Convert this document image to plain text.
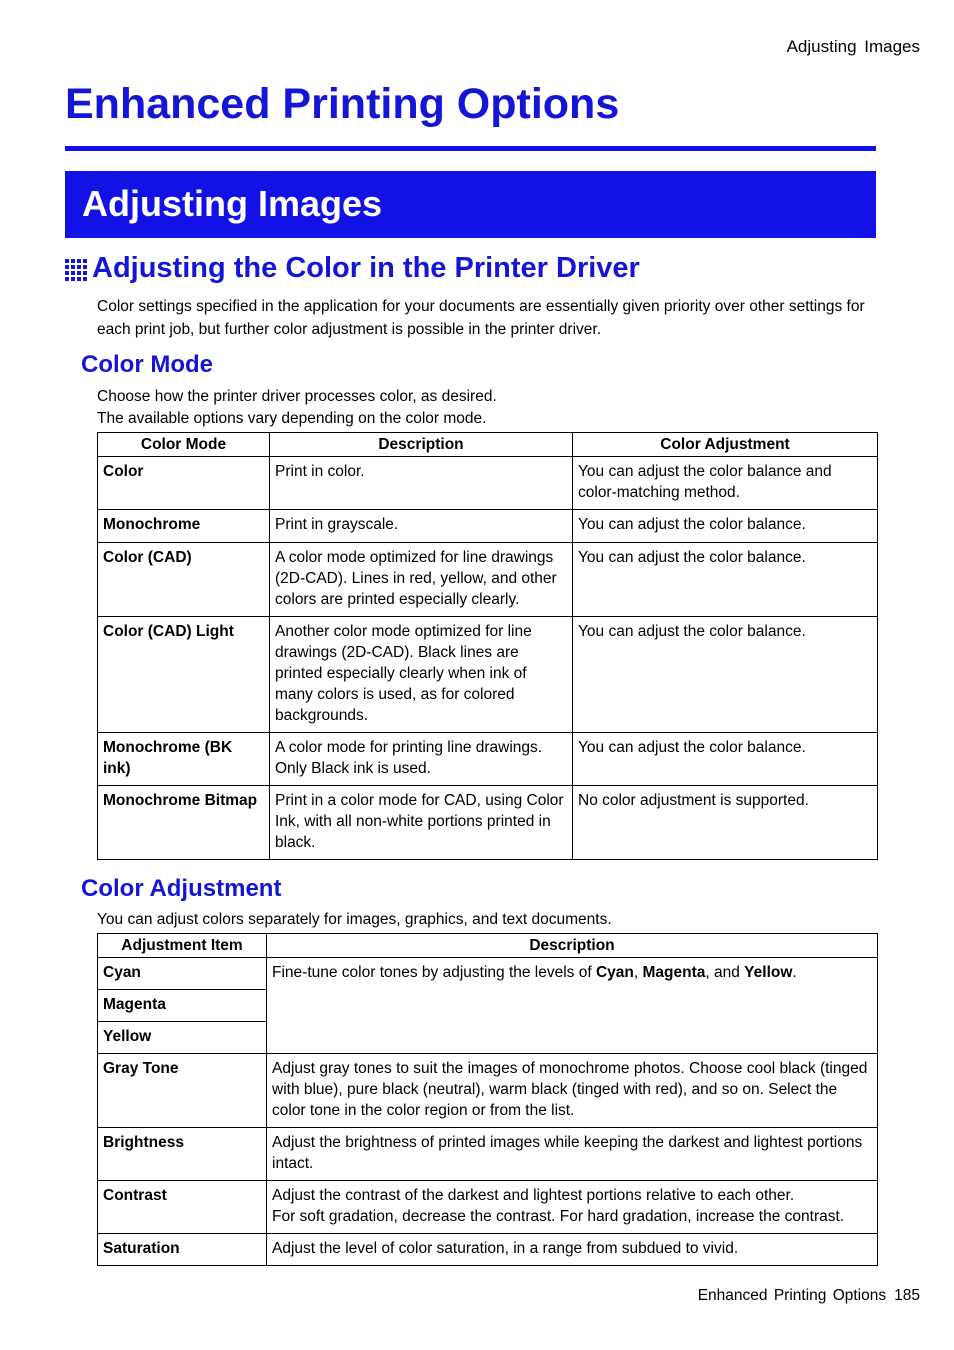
Adjusting Images
Enhanced Printing Options
Adjusting Images
Adjusting the Color in the Printer Driver
Color settings specified in the application for your documents are essentially given priority over other settings for each print job, but further color adjustment is possible in the printer driver.
Color Mode
Choose how the printer driver processes color, as desired.
The available options vary depending on the color mode.
Color Mode	Description	Color Adjustment
Color	Print in color.	You can adjust the color balance and color-matching method.
Monochrome	Print in grayscale.	You can adjust the color balance.
Color (CAD)	A color mode optimized for line drawings (2D-CAD). Lines in red, yellow, and other colors are printed especially clearly.	You can adjust the color balance.
Color (CAD) Light	Another color mode optimized for line drawings (2D-CAD). Black lines are printed especially clearly when ink of many colors is used, as for colored backgrounds.	You can adjust the color balance.
Monochrome (BK ink)	A color mode for printing line drawings. Only Black ink is used.	You can adjust the color balance.
Monochrome Bitmap	Print in a color mode for CAD, using Color Ink, with all non-white portions printed in black.	No color adjustment is supported.
Color Adjustment
You can adjust colors separately for images, graphics, and text documents.
Adjustment Item	Description
Cyan	Fine-tune color tones by adjusting the levels of Cyan, Magenta, and Yellow.
Magenta	
Yellow	
Gray Tone	Adjust gray tones to suit the images of monochrome photos. Choose cool black (tinged with blue), pure black (neutral), warm black (tinged with red), and so on. Select the color tone in the color region or from the list.
Brightness	Adjust the brightness of printed images while keeping the darkest and lightest portions intact.
Contrast	Adjust the contrast of the darkest and lightest portions relative to each other.
For soft gradation, decrease the contrast. For hard gradation, increase the contrast.

Saturation	Adjust the level of color saturation, in a range from subdued to vivid.
Enhanced Printing Options 185
